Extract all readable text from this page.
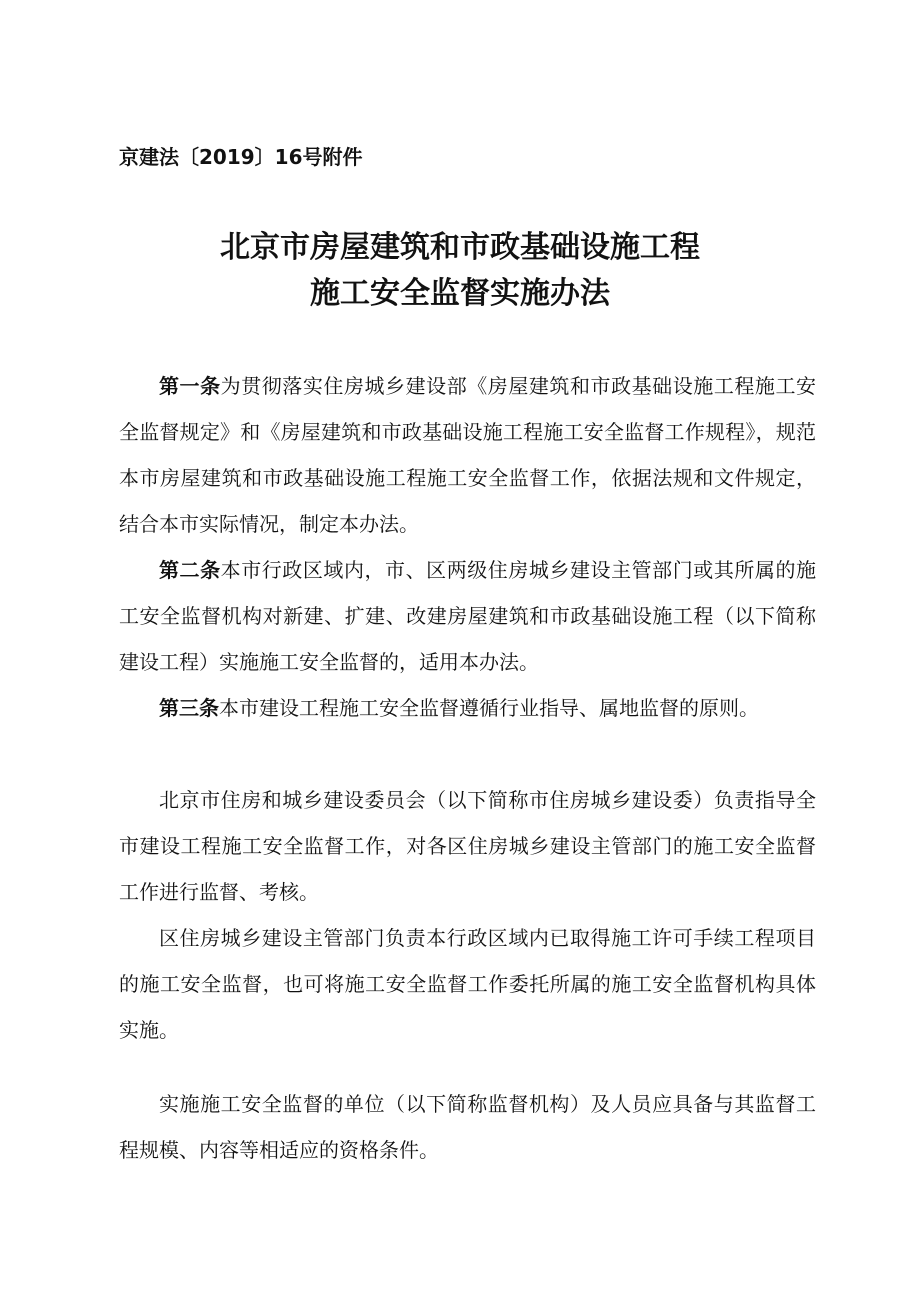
京建法〔2019〕16号附件
北京市房屋建筑和市政基础设施工程
施工安全监督实施办法

第一条为贯彻落实住房城乡建设部《房屋建筑和市政基础设施工程施工安全监督规定》和《房屋建筑和市政基础设施工程施工安全监督工作规程》，规范本市房屋建筑和市政基础设施工程施工安全监督工作，依据法规和文件规定，结合本市实际情况，制定本办法。

第二条本市行政区域内，市、区两级住房城乡建设主管部门或其所属的施工安全监督机构对新建、扩建、改建房屋建筑和市政基础设施工程（以下简称建设工程）实施施工安全监督的，适用本办法。

第三条本市建设工程施工安全监督遵循行业指导、属地监督的原则。

北京市住房和城乡建设委员会（以下简称市住房城乡建设委）负责指导全市建设工程施工安全监督工作，对各区住房城乡建设主管部门的施工安全监督工作进行监督、考核。

区住房城乡建设主管部门负责本行政区域内已取得施工许可手续工程项目的施工安全监督，也可将施工安全监督工作委托所属的施工安全监督机构具体实施。

实施施工安全监督的单位（以下简称监督机构）及人员应具备与其监督工程规模、内容等相适应的资格条件。
